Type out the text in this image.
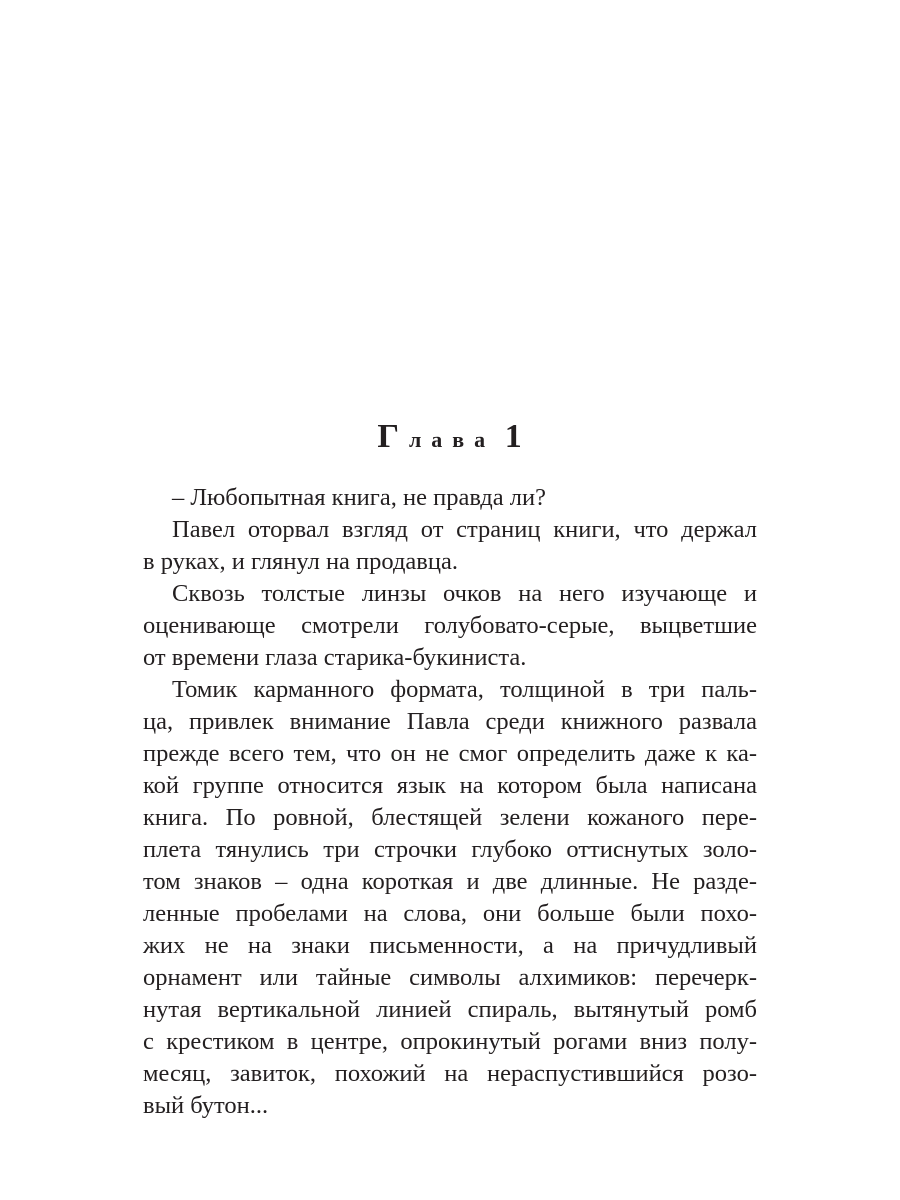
Глава 1
– Любопытная книга, не правда ли?
Павел оторвал взгляд от страниц книги, что держал
в руках, и глянул на продавца.
Сквозь толстые линзы очков на него изучающе и
оценивающе смотрели голубовато-серые, выцветшие
от времени глаза старика-букиниста.
Томик карманного формата, толщиной в три паль-
ца, привлек внимание Павла среди книжного развала
прежде всего тем, что он не смог определить даже к ка-
кой группе относится язык на котором была написана
книга. По ровной, блестящей зелени кожаного пере-
плета тянулись три строчки глубоко оттиснутых золо-
том знаков – одна короткая и две длинные. Не разде-
ленные пробелами на слова, они больше были похо-
жих не на знаки письменности, а на причудливый
орнамент или тайные символы алхимиков: перечерк-
нутая вертикальной линией спираль, вытянутый ромб
с крестиком в центре, опрокинутый рогами вниз полу-
месяц, завиток, похожий на нераспустившийся розо-
вый бутон...
